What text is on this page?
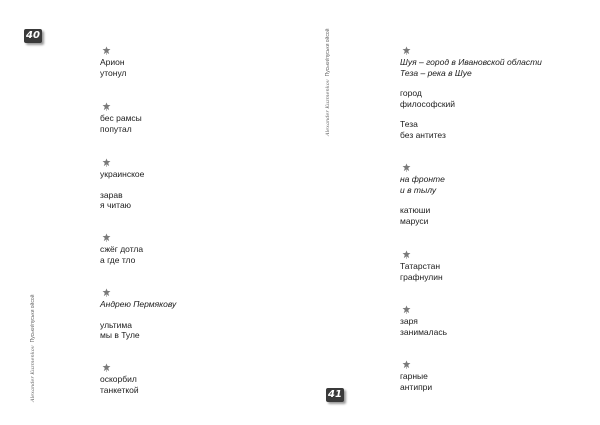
40
Alexander KuzmenkovПуськи/пуськи ойсой
Арион
утонул
бес рамсы
попутал
украинское
зарав
я читаю
сжёг дотла
а где тло
Андрею Пермякову
ультима
мы в Туле
оскорбил
танкеткой
Alexander KuzmenkovПуськи/пуськи ойсой
41
Шуя – город в Ивановской области
Теза – река в Шуе
город
философский
Теза
без антитез
на фронте
и в тылу
катюши
маруси
Татарстан
графнулин
заря
занималась
гарные
антипри
